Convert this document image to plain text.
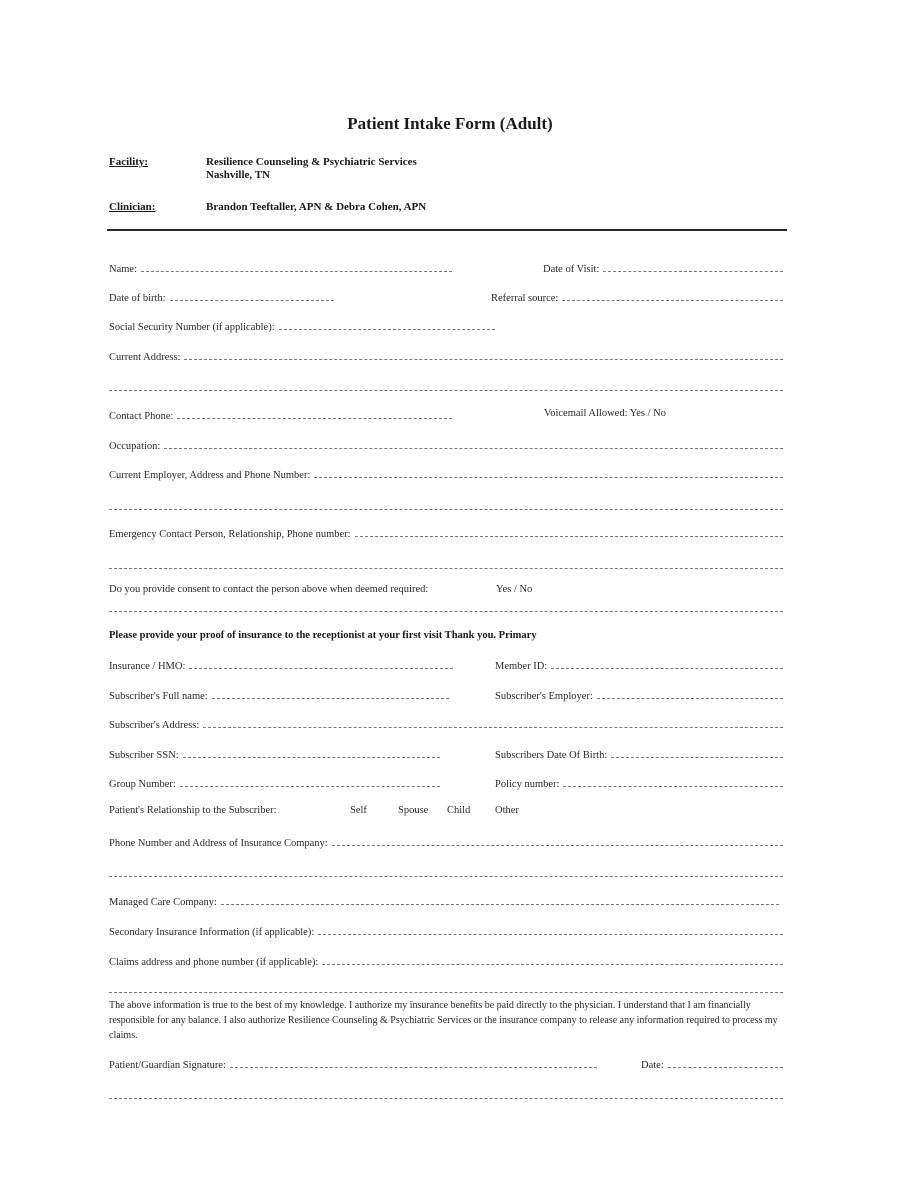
Patient Intake Form (Adult)
Facility:	Resilience Counseling & Psychiatric Services
Nashville, TN
Clinician:	Brandon Teeftaller, APN & Debra Cohen, APN
Name:	Date of Visit:
Date of birth:	Referral source:
Social Security Number (if applicable):
Current Address:
Contact Phone:	Voicemail Allowed: Yes / No
Occupation:
Current Employer, Address and Phone Number:
Emergency Contact Person, Relationship, Phone number:
Do you provide consent to contact the person above when deemed required:	Yes / No
Please provide your proof of insurance to the receptionist at your first visit Thank you. Primary
Insurance / HMO:	Member ID:
Subscriber's Full name:	Subscriber's Employer:
Subscriber's Address:
Subscriber SSN:	Subscribers Date Of Birth:
Group Number:	Policy number:
Patient's Relationship to the Subscriber:	Self	Spouse Child Other
Phone Number and Address of Insurance Company:
Managed Care Company:
Secondary Insurance Information (if applicable):
Claims address and phone number (if applicable):
The above information is true to the best of my knowledge. I authorize my insurance benefits be paid directly to the physician. I understand that I am financially responsible for any balance. I also authorize Resilience Counseling & Psychiatric Services or the insurance company to release any information required to process my claims.
Patient/Guardian Signature:	Date:
